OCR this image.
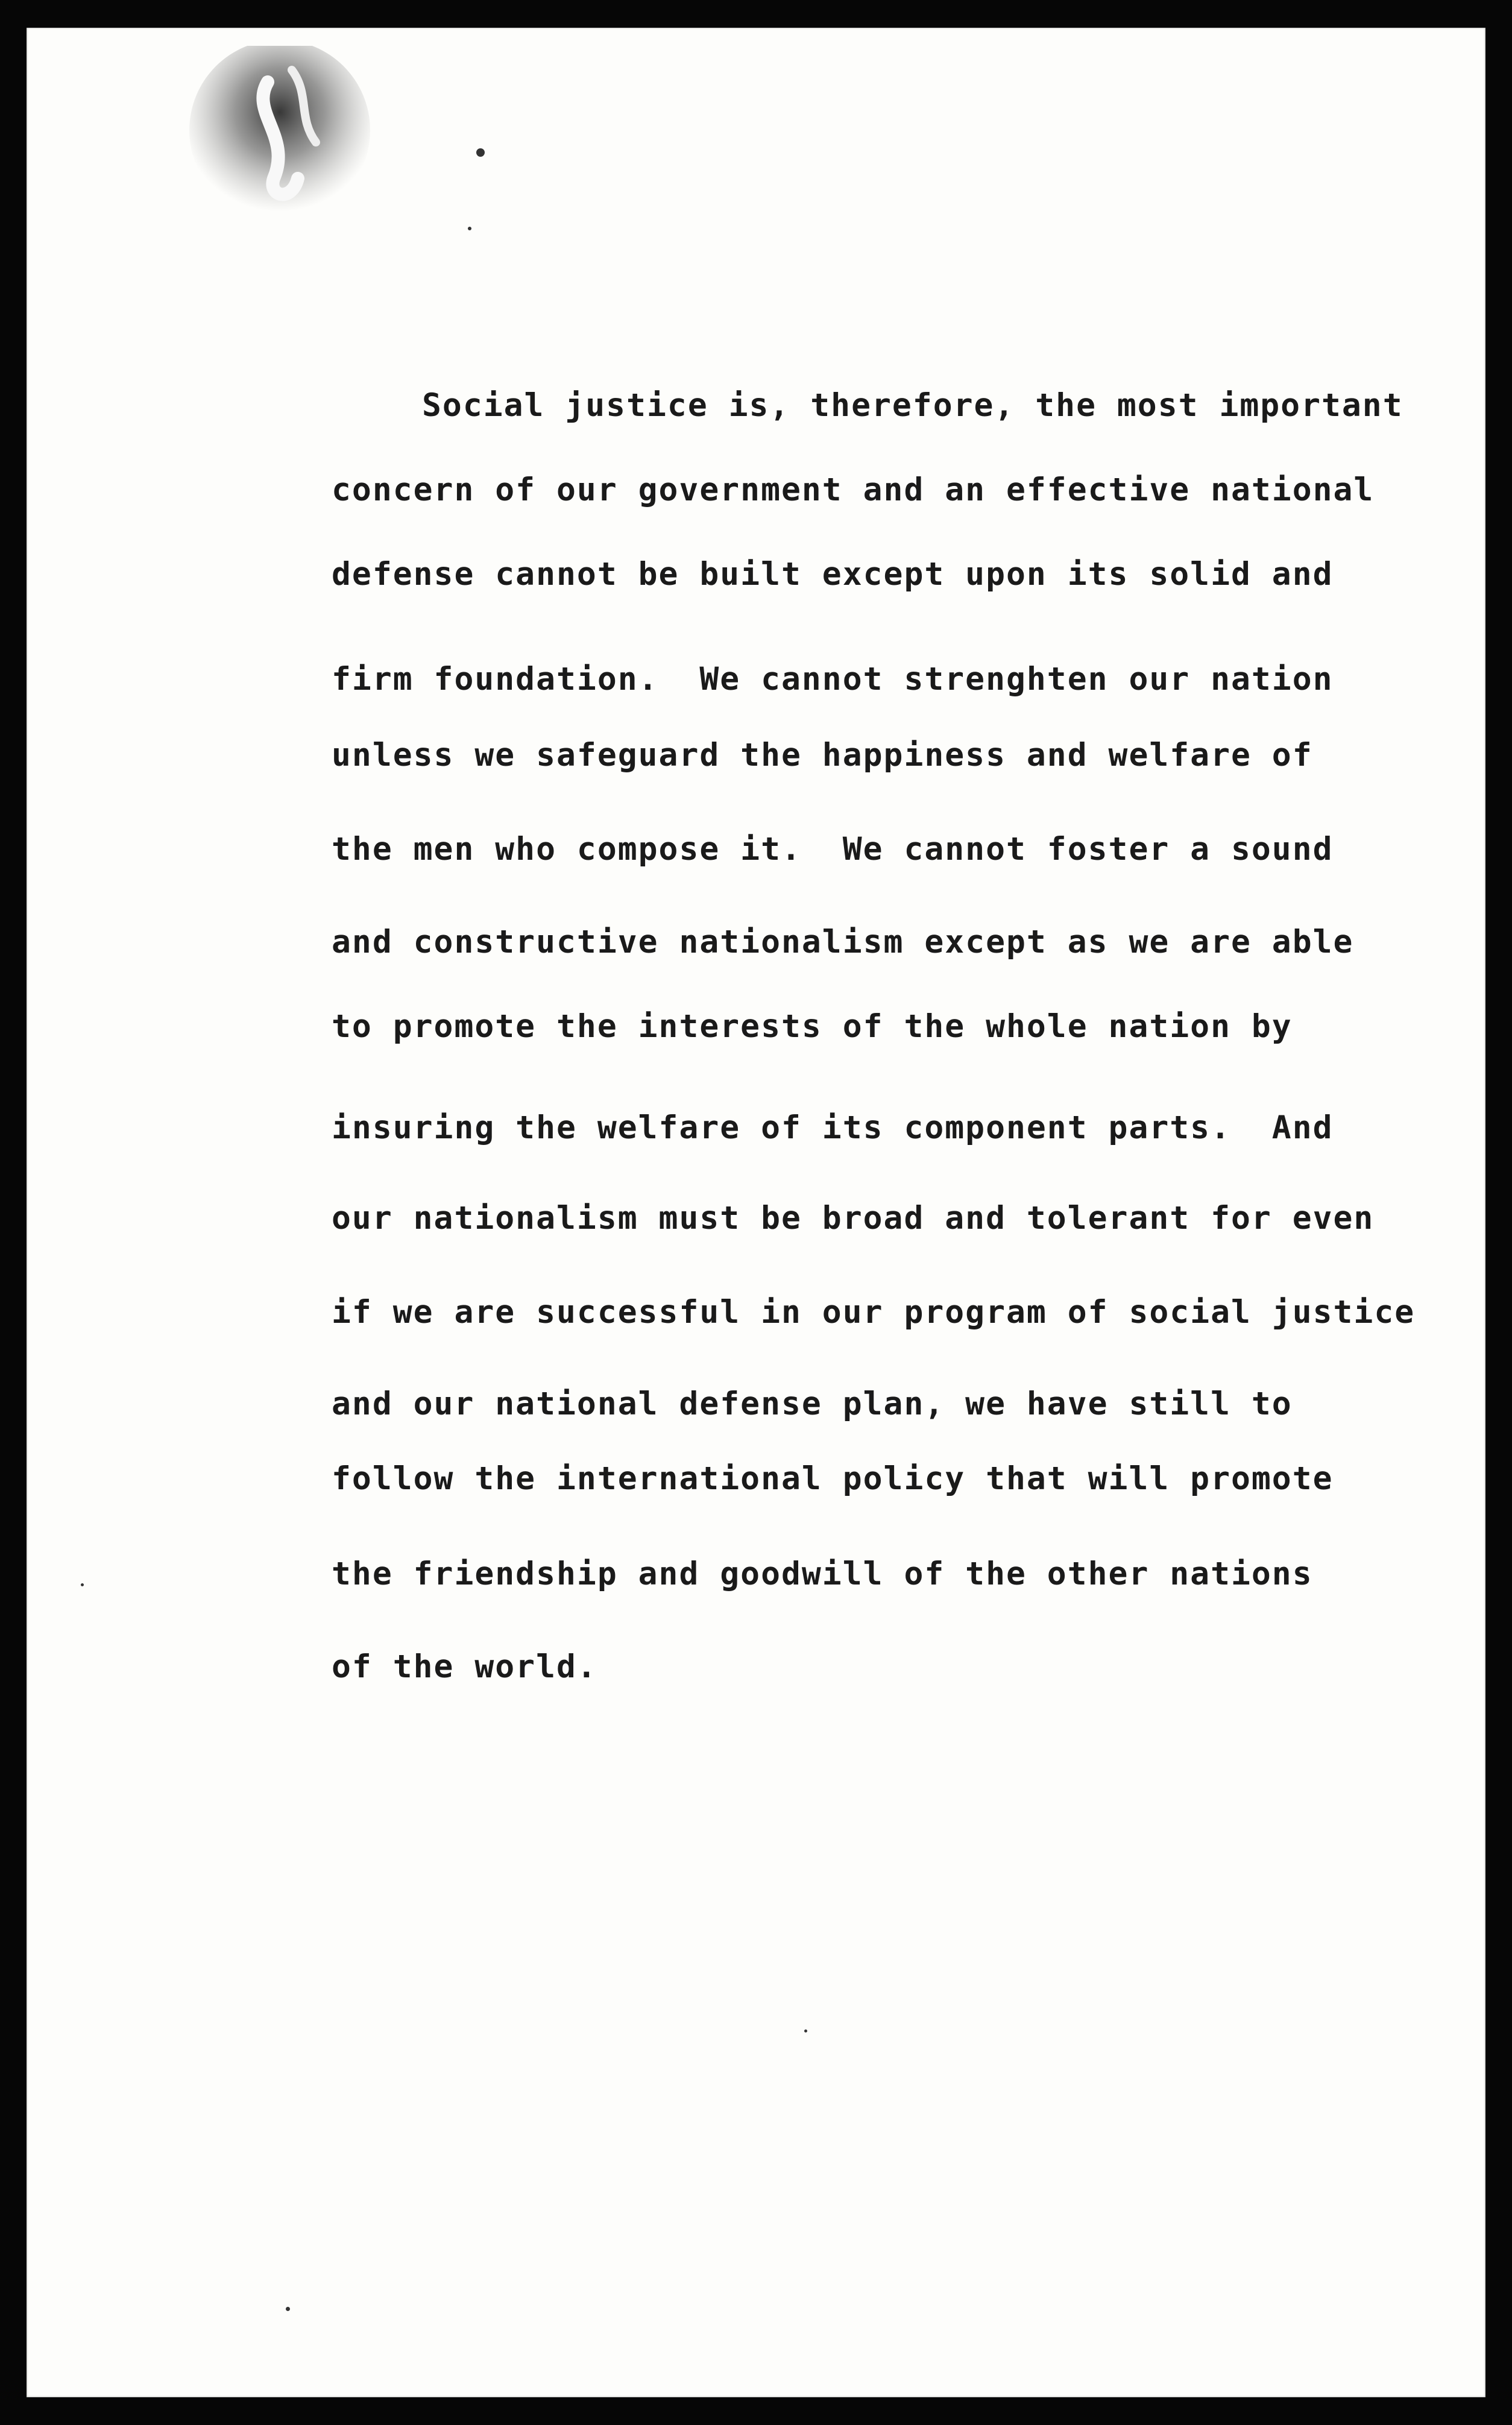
Social justice is, therefore, the most important
concern of our government and an effective national
defense cannot be built except upon its solid and
firm foundation.  We cannot strenghten our nation
unless we safeguard the happiness and welfare of
the men who compose it.  We cannot foster a sound
and constructive nationalism except as we are able
to promote the interests of the whole nation by
insuring the welfare of its component parts.  And
our nationalism must be broad and tolerant for even
if we are successful in our program of social justice
and our national defense plan, we have still to
follow the international policy that will promote
the friendship and goodwill of the other nations
of the world.
